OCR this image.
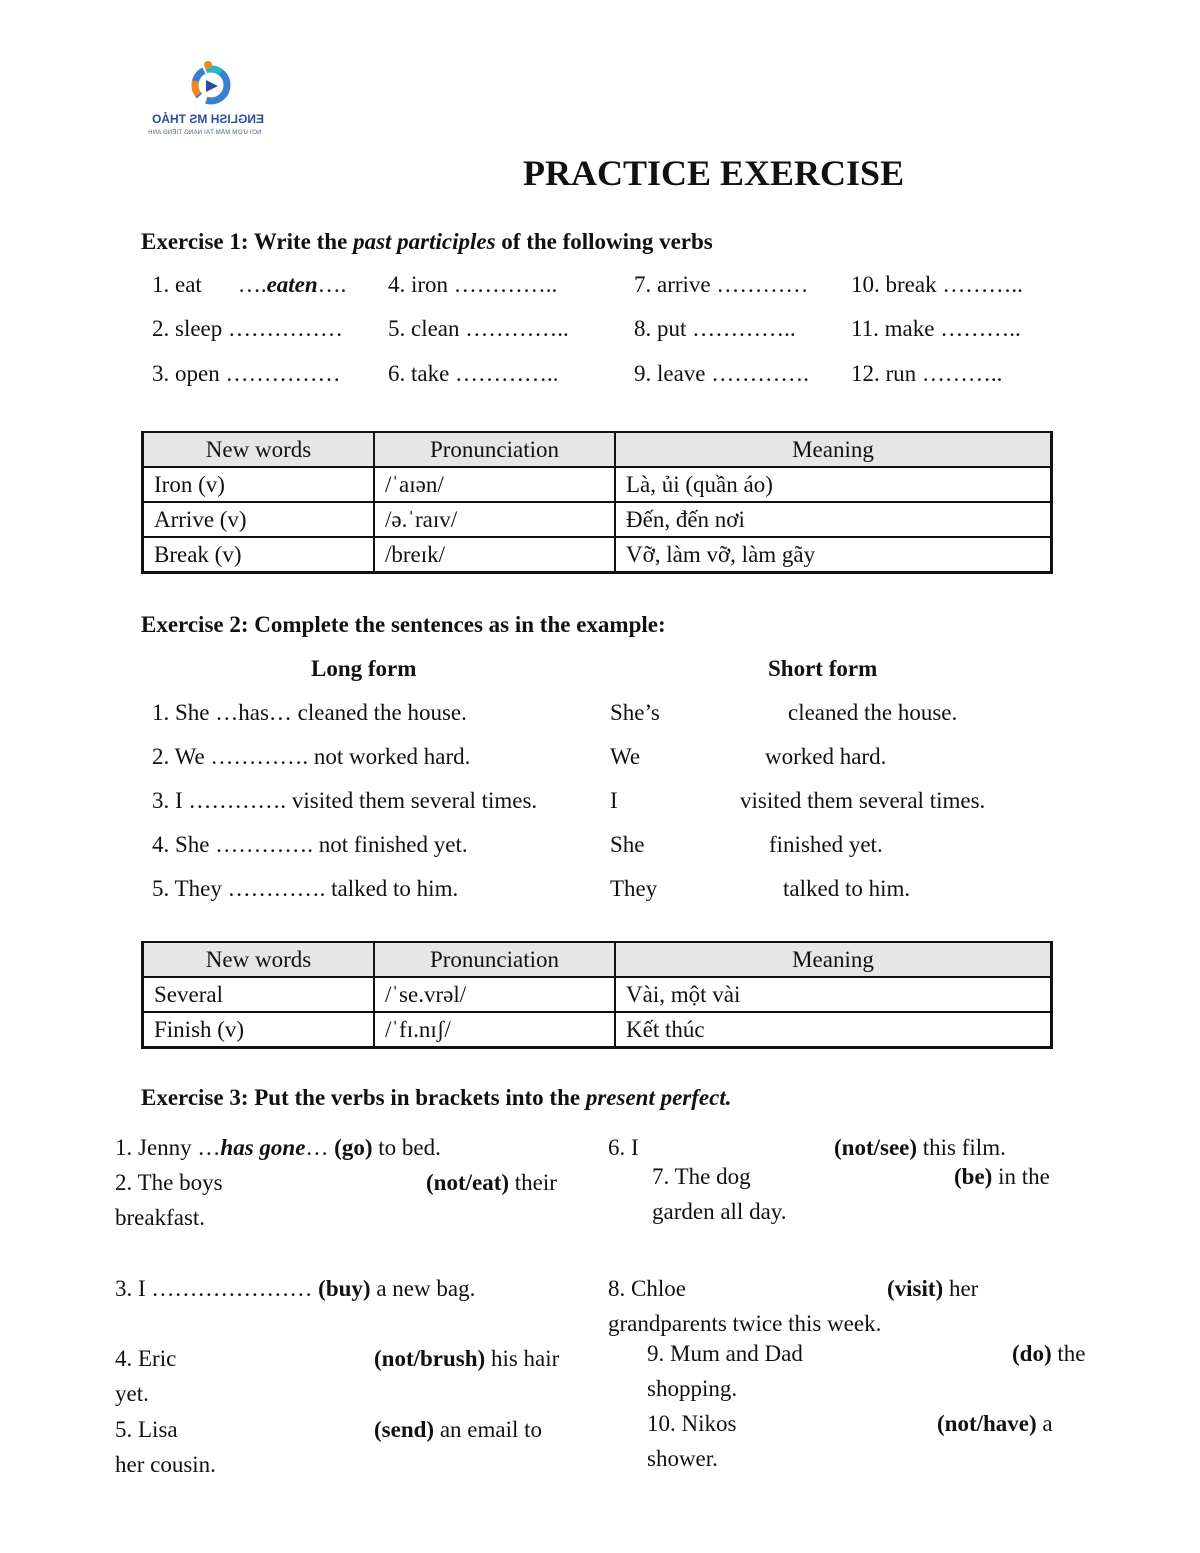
ENGLISH MS THẢO
NƠI ƯƠM MẦM TÀI NĂNG TIẾNG ANH
PRACTICE EXERCISE
Exercise 1: Write the past participles of the following verbs
1. eat ….eaten….
2. sleep ……………
3. open ……………
4. iron …………..
5. clean …………..
6. take …………..
7. arrive …………
8. put …………..
9. leave ………….
10. break ………..
11. make ………..
12. run ………..
New words	Pronunciation	Meaning
Iron (v)	/ˈaɪən/	Là, ủi (quần áo)
Arrive (v)	/ə.ˈraɪv/	Đến, đến nơi
Break (v)	/breɪk/	Vỡ, làm vỡ, làm gãy
Exercise 2: Complete the sentences as in the example:
Long form	Short form
1. She …has… cleaned the house.	She’s	cleaned the house.
2. We …………. not worked hard.	We	worked hard.
3. I …………. visited them several times.	I	visited them several times.
4. She …………. not finished yet.	She	finished yet.
5. They …………. talked to him.	They	talked to him.
New words	Pronunciation	Meaning
Several	/ˈse.vrəl/	Vài, một vài
Finish (v)	/ˈfɪ.nɪʃ/	Kết thúc
Exercise 3: Put the verbs in brackets into the present perfect.
1. Jenny …has gone… (go) to bed.
2. The boys	(not/eat) their
breakfast.
3. I ………………… (buy) a new bag.
4. Eric	(not/brush) his hair
yet.
5. Lisa	(send) an email to
her cousin.
6. I	(not/see) this film.
7. The dog	(be) in the
garden all day.
8. Chloe	(visit) her
grandparents twice this week.
9. Mum and Dad	(do) the
shopping.
10. Nikos	(not/have) a
shower.
